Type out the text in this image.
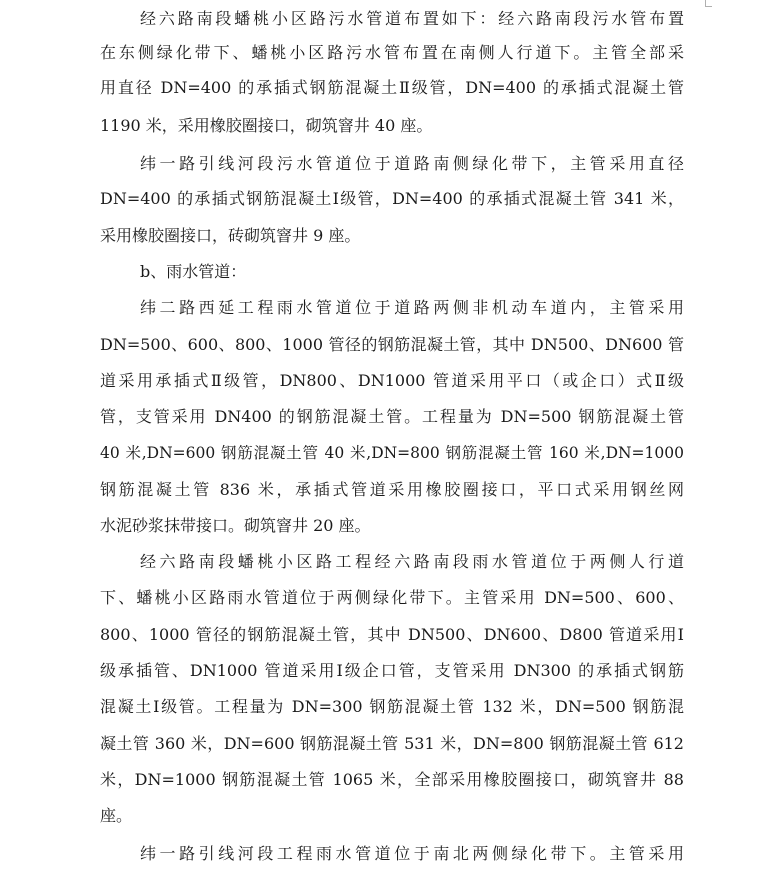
经六路南段蟠桃小区路污水管道布置如下：经六路南段污水管布置
在东侧绿化带下、蟠桃小区路污水管布置在南侧人行道下。主管全部采
用直径 DN=400 的承插式钢筋混凝土Ⅱ级管，DN=400 的承插式混凝土管
1190 米，采用橡胶圈接口，砌筑窨井 40 座。
纬一路引线河段污水管道位于道路南侧绿化带下，主管采用直径
DN=400 的承插式钢筋混凝土Ⅰ级管，DN=400 的承插式混凝土管 341 米，
采用橡胶圈接口，砖砌筑窨井 9 座。
b、雨水管道：
纬二路西延工程雨水管道位于道路两侧非机动车道内，主管采用
DN=500、600、800、1000 管径的钢筋混凝土管，其中 DN500、DN600 管
道采用承插式Ⅱ级管，DN800、DN1000 管道采用平口（或企口）式Ⅱ级
管，支管采用 DN400 的钢筋混凝土管。工程量为 DN=500 钢筋混凝土管
40 米,DN=600 钢筋混凝土管 40 米,DN=800 钢筋混凝土管 160 米,DN=1000
钢筋混凝土管 836 米，承插式管道采用橡胶圈接口，平口式采用钢丝网
水泥砂浆抹带接口。砌筑窨井 20 座。
经六路南段蟠桃小区路工程经六路南段雨水管道位于两侧人行道
下、蟠桃小区路雨水管道位于两侧绿化带下。主管采用 DN=500、600、
800、1000 管径的钢筋混凝土管，其中 DN500、DN600、D800 管道采用Ⅰ
级承插管、DN1000 管道采用Ⅰ级企口管，支管采用 DN300 的承插式钢筋
混凝土Ⅰ级管。工程量为 DN=300 钢筋混凝土管 132 米，DN=500 钢筋混
凝土管 360 米，DN=600 钢筋混凝土管 531 米，DN=800 钢筋混凝土管 612
米，DN=1000 钢筋混凝土管 1065 米，全部采用橡胶圈接口，砌筑窨井 88
座。
纬一路引线河段工程雨水管道位于南北两侧绿化带下。主管采用
